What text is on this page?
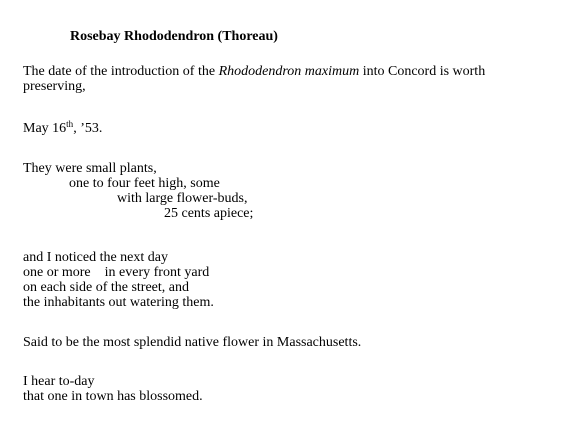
Rosebay Rhododendron (Thoreau)

The date of the introduction of the Rhododendron maximum into Concord is worth
preserving,

May 16th, ’53.

They were small plants,
one to four feet high, some
with large flower-buds,
25 cents apiece;

and I noticed the next day
one or more in every front yard
on each side of the street, and
the inhabitants out watering them.

Said to be the most splendid native flower in Massachusetts.

I hear to-day
that one in town has blossomed.
